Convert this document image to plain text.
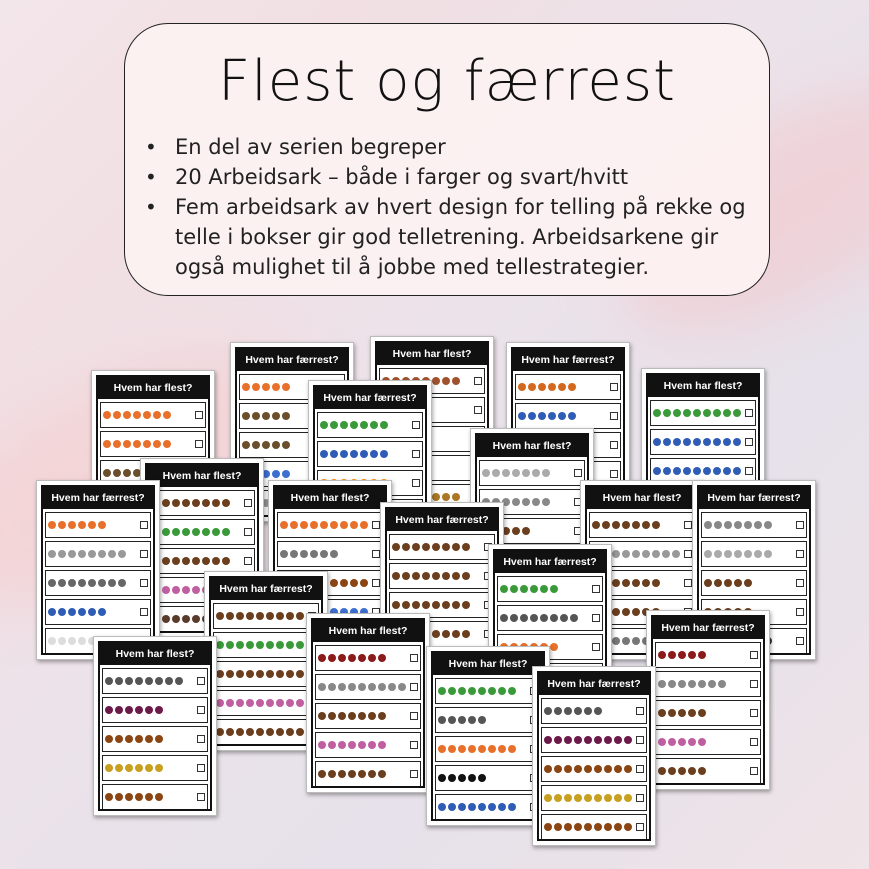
Flest og færrest
• En del av serien begreper
• 20 Arbeidsark – både i farger og svart/hvitt
• Fem arbeidsark av hvert design for telling på rekke og telle i bokser gir god telletrening. Arbeidsarkene gir også mulighet til å jobbe med tellestrategier.
Hvem har flest?
Hvem har færrest?	Hvem har flest?	Hvem har færrest?
Hvem har flest?
Hvem har færrest?
Hvem har flest?
Hvem har flest?
Hvem har færrest?	Hvem har flest?	Hvem har flest?	Hvem har færrest?
Hvem har færrest?
Hvem har færrest?
Hvem har færrest?
Hvem har flest?	Hvem har færrest?
Hvem har flest?
Hvem har flest?
Hvem har færrest?
